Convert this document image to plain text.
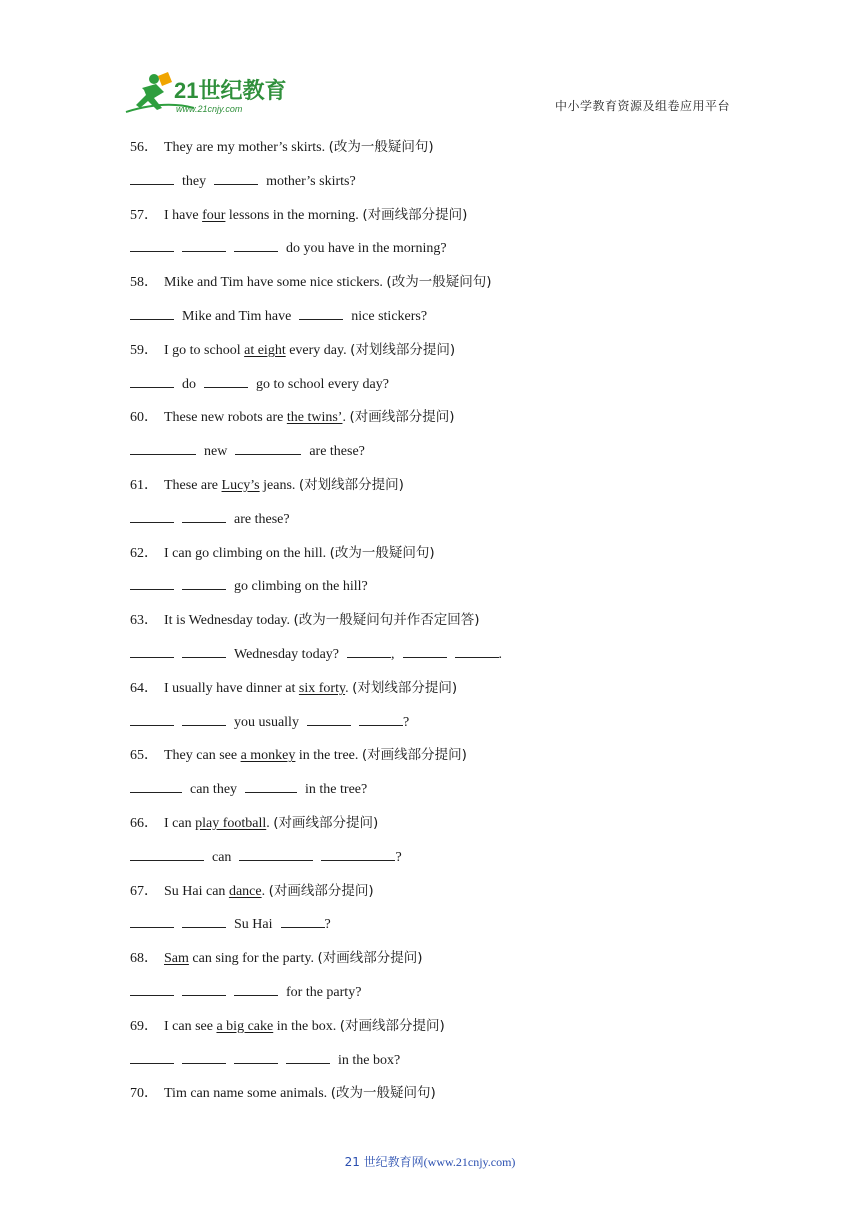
21世纪教育
www.21cnjy.com	中小学教育资源及组卷应用平台
56． They are my mother’s skirts. (改为一般疑问句)
they	mother’s skirts?
57． I have four lessons in the morning. (对画线部分提问)
do you have in the morning?
58． Mike and Tim have some nice stickers. (改为一般疑问句)
Mike and Tim have	nice stickers?
59． I go to school at eight every day. (对划线部分提问)
do	go to school every day?
60． These new robots are the twins’. (对画线部分提问)
new	are these?
61． These are Lucy’s jeans. (对划线部分提问)
are these?
62． I can go climbing on the hill. (改为一般疑问句)
go climbing on the hill?
63． It is Wednesday today. (改为一般疑问句并作否定回答)
Wednesday today?	,	.
64． I usually have dinner at six forty. (对划线部分提问)
you usually	?
65． They can see a monkey in the tree. (对画线部分提问)
can they	in the tree?
66． I can play football. (对画线部分提问)
can	?
67． Su Hai can dance. (对画线部分提问)
Su Hai	?
68． Sam can sing for the party. (对画线部分提问)
for the party?
69． I can see a big cake in the box. (对画线部分提问)
in the box?
70． Tim can name some animals. (改为一般疑问句)
21 世纪教育网(www.21cnjy.com)
